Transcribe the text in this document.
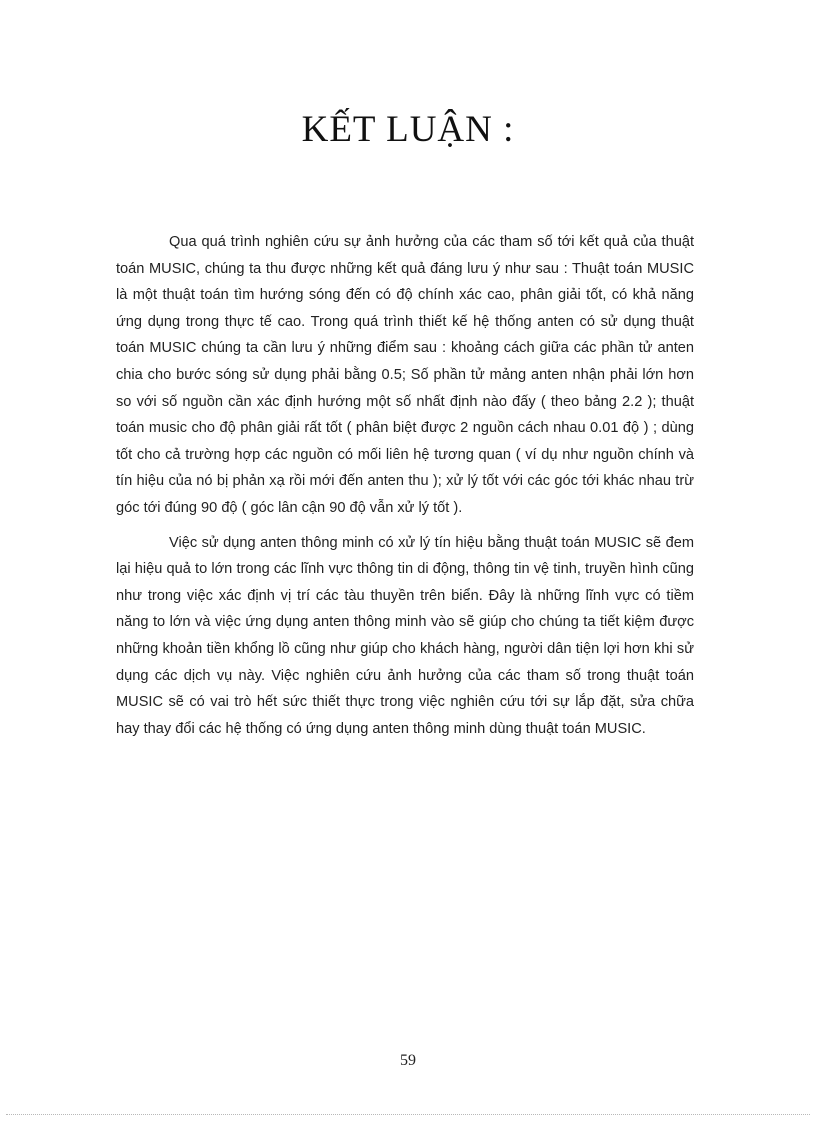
KẾT LUẬN :

Qua quá trình nghiên cứu sự ảnh hưởng của các tham số tới kết quả của thuật toán MUSIC, chúng ta thu được những kết quả đáng lưu ý như sau : Thuật toán MUSIC là một thuật toán tìm hướng sóng đến có độ chính xác cao, phân giải tốt, có khả năng ứng dụng trong thực tế cao. Trong quá trình thiết kế hệ thống anten có sử dụng thuật toán MUSIC chúng ta cần lưu ý những điểm sau : khoảng cách giữa các phần tử anten chia cho bước sóng sử dụng phải bằng 0.5; Số phần tử mảng anten nhận phải lớn hơn so với số nguồn cần xác định hướng một số nhất định nào đấy ( theo bảng 2.2 ); thuật toán music cho độ phân giải rất tốt ( phân biệt được 2 nguồn cách nhau 0.01 độ ) ; dùng tốt cho cả trường hợp các nguồn có mối liên hệ tương quan ( ví dụ như nguồn chính và tín hiệu của nó bị phản xạ rồi mới đến anten thu ); xử lý tốt với các góc tới khác nhau trừ góc tới đúng 90 độ ( góc lân cận 90 độ vẫn xử lý tốt ).

Việc sử dụng anten thông minh có xử lý tín hiệu bằng thuật toán MUSIC sẽ đem lại hiệu quả to lớn trong các lĩnh vực thông tin di động, thông tin vệ tinh, truyền hình cũng như trong việc xác định vị trí các tàu thuyền trên biển. Đây là những lĩnh vực có tiềm năng to lớn và việc ứng dụng anten thông minh vào sẽ giúp cho chúng ta tiết kiệm được những khoản tiền khổng lồ cũng như giúp cho khách hàng, người dân tiện lợi hơn khi sử dụng các dịch vụ này. Việc nghiên cứu ảnh hưởng của các tham số trong thuật toán MUSIC sẽ có vai trò hết sức thiết thực trong việc nghiên cứu tới sự lắp đặt, sửa chữa hay thay đổi các hệ thống có ứng dụng anten thông minh dùng thuật toán MUSIC.

59
